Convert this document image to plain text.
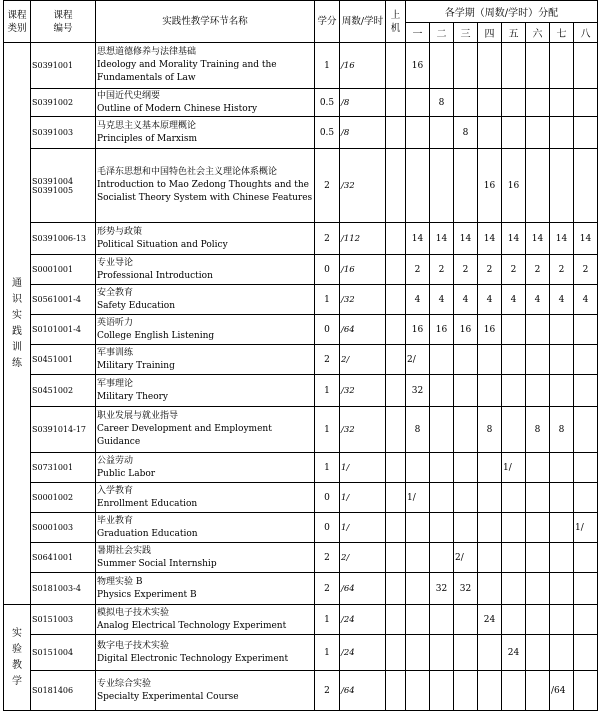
课程类别	课程编号	实践性教学环节名称	学分	周数/学时	上机	各学期（周数/学时）分配							
						一	二	三	四	五	六	七	八

通识实践训练	S0391001	思想道德修养与法律基础
Ideology and Morality Training and the Fundamentals of Law	1	/16		16							
	S0391002	中国近代史纲要
Outline of Modern Chinese History	0.5	/8			8						
	S0391003	马克思主义基本原理概论
Principles of Marxism	0.5	/8				8					
	S0391004
S0391005	毛泽东思想和中国特色社会主义理论体系概论
Introduction to Mao Zedong Thoughts and the Socialist Theory System with Chinese Features	2	/32					16	16			
	S0391006-13	形势与政策
Political Situation and Policy	2	/112		14	14	14	14	14	14	14	14
	S0001001	专业导论
Professional Introduction	0	/16		2	2	2	2	2	2	2	2
	S0561001-4	安全教育
Safety Education	1	/32		4	4	4	4	4	4	4	4
	S0101001-4	英语听力
College English Listening	0	/64		16	16	16	16				
	S0451001	军事训练
Military Training	2	2/		2/							
	S0451002	军事理论
Military Theory	1	/32		32							
	S0391014-17	职业发展与就业指导
Career Development and Employment Guidance	1	/32		8			8		8	8	
	S0731001	公益劳动
Public Labor	1	1/						1/			
	S0001002	入学教育
Enrollment Education	0	1/		1/							
	S0001003	毕业教育
Graduation Education	0	1/									1/
	S0641001	暑期社会实践
Summer Social Internship	2	2/				2/					
	S0181003-4	物理实验 B
Physics Experiment B	2	/64			32	32					

实验教学	S0151003	模拟电子技术实验
Analog Electrical Technology Experiment	1	/24					24				
	S0151004	数字电子技术实验
Digital Electronic Technology Experiment	1	/24						24			
	S0181406	专业综合实验
Specialty Experimental Course	2	/64								/64	
